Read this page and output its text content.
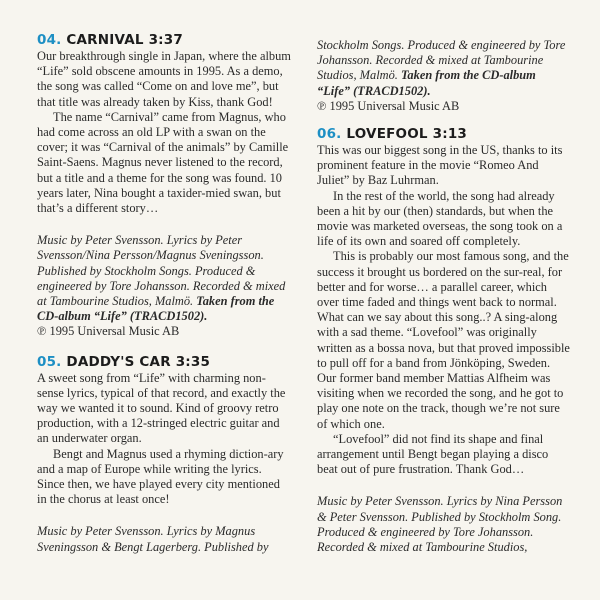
04. CARNIVAL 3:37

Our breakthrough single in Japan, where the album “Life” sold obscene amounts in 1995. As a demo, the song was called “Come on and love me”, but that title was already taken by Kiss, thank God!

The name “Carnival” came from Magnus, who had come across an old LP with a swan on the cover; it was “Carnival of the animals” by Camille Saint-Saens. Magnus never listened to the record, but a title and a theme for the song was found. 10 years later, Nina bought a taxider-mied swan, but that’s a different story…

Music by Peter Svensson. Lyrics by Peter Svensson/Nina Persson/Magnus Sveningsson. Published by Stockholm Songs. Produced & engineered by Tore Johansson. Recorded & mixed at Tambourine Studios, Malmö. Taken from the CD-album “Life” (TRACD1502).
℗ 1995 Universal Music AB

05. DADDY'S CAR 3:35

A sweet song from “Life” with charming non-sense lyrics, typical of that record, and exactly the way we wanted it to sound. Kind of groovy retro production, with a 12-stringed electric guitar and an underwater organ.

Bengt and Magnus used a rhyming diction-ary and a map of Europe while writing the lyrics. Since then, we have played every city mentioned in the chorus at least once!

Music by Peter Svensson. Lyrics by Magnus Sveningsson & Bengt Lagerberg. Published by

Stockholm Songs. Produced & engineered by Tore Johansson. Recorded & mixed at Tambourine Studios, Malmö. Taken from the CD-album “Life” (TRACD1502).
℗ 1995 Universal Music AB

06. LOVEFOOL 3:13

This was our biggest song in the US, thanks to its prominent feature in the movie “Romeo And Juliet” by Baz Luhrman.

In the rest of the world, the song had already been a hit by our (then) standards, but when the movie was marketed overseas, the song took on a life of its own and soared off completely.

This is probably our most famous song, and the success it brought us bordered on the sur-real, for better and for worse… a parallel career, which over time faded and things went back to normal. What can we say about this song..? A sing-along with a sad theme. “Lovefool” was originally written as a bossa nova, but that proved impossible to pull off for a band from Jönköping, Sweden. Our former band member Mattias Alfheim was visiting when we recorded the song, and he got to play one note on the track, though we’re not sure of which one.

“Lovefool” did not find its shape and final arrangement until Bengt began playing a disco beat out of pure frustration. Thank God…

Music by Peter Svensson. Lyrics by Nina Persson & Peter Svensson. Published by Stockholm Song. Produced & engineered by Tore Johansson. Recorded & mixed at Tambourine Studios,
